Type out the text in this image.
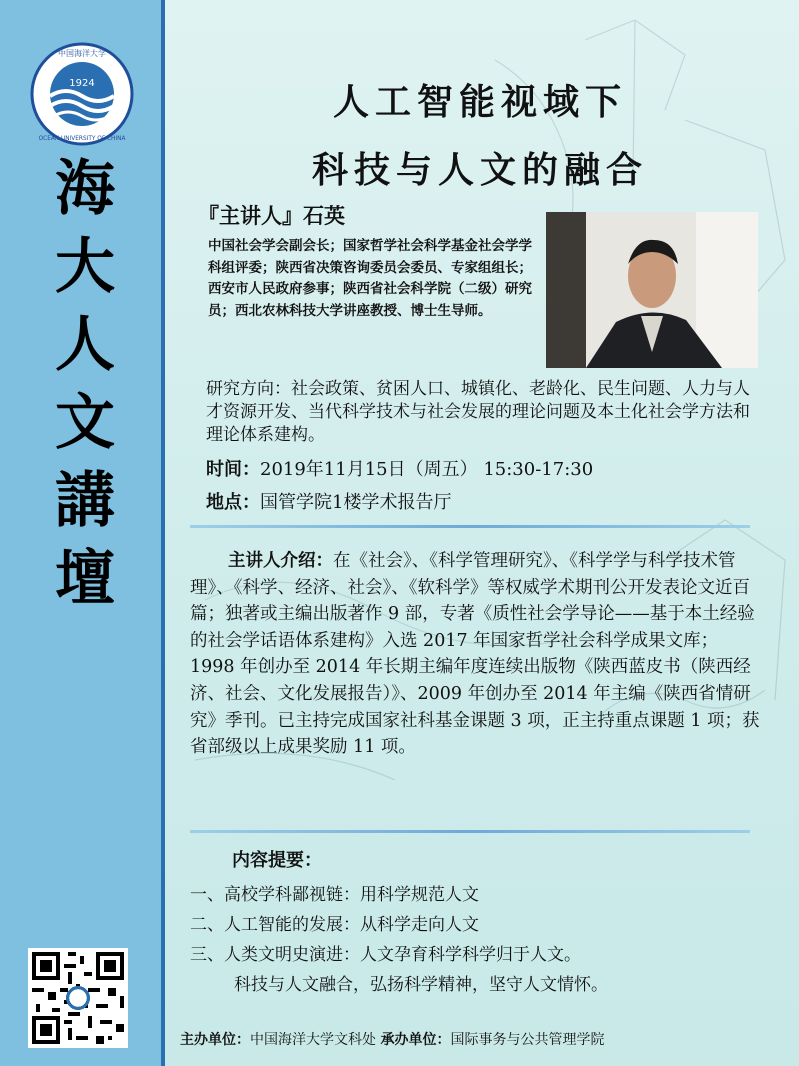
1924
中国海洋大学
OCEAN UNIVERSITY OF CHINA
海
大
人
文
講
壇
人工智能视域下
科技与人文的融合
『主讲人』石英
中国社会学会副会长；国家哲学社会科学基金社会学学科组评委；陕西省决策咨询委员会委员、专家组组长；西安市人民政府参事；陕西省社会科学院（二级）研究员；西北农林科技大学讲座教授、博士生导师。
研究方向：社会政策、贫困人口、城镇化、老龄化、民生问题、人力与人才资源开发、当代科学技术与社会发展的理论问题及本土化社会学方法和理论体系建构。
时间：2019年11月15日（周五） 15:30-17:30
地点：国管学院1楼学术报告厅
主讲人介绍：在《社会》、《科学管理研究》、《科学学与科学技术管理》、《科学、经济、社会》、《软科学》等权威学术期刊公开发表论文近百篇；独著或主编出版著作 9 部，专著《质性社会学导论——基于本土经验的社会学话语体系建构》入选 2017 年国家哲学社会科学成果文库；1998 年创办至 2014 年长期主编年度连续出版物《陕西蓝皮书（陕西经济、社会、文化发展报告）》、2009 年创办至 2014 年主编《陕西省情研究》季刊。已主持完成国家社科基金课题 3 项，正主持重点课题 1 项；获省部级以上成果奖励 11 项。
内容提要：
一、高校学科鄙视链：用科学规范人文
二、人工智能的发展：从科学走向人文
三、人类文明史演进：人文孕育科学科学归于人文。
科技与人文融合，弘扬科学精神，坚守人文情怀。
主办单位：中国海洋大学文科处 承办单位：国际事务与公共管理学院
